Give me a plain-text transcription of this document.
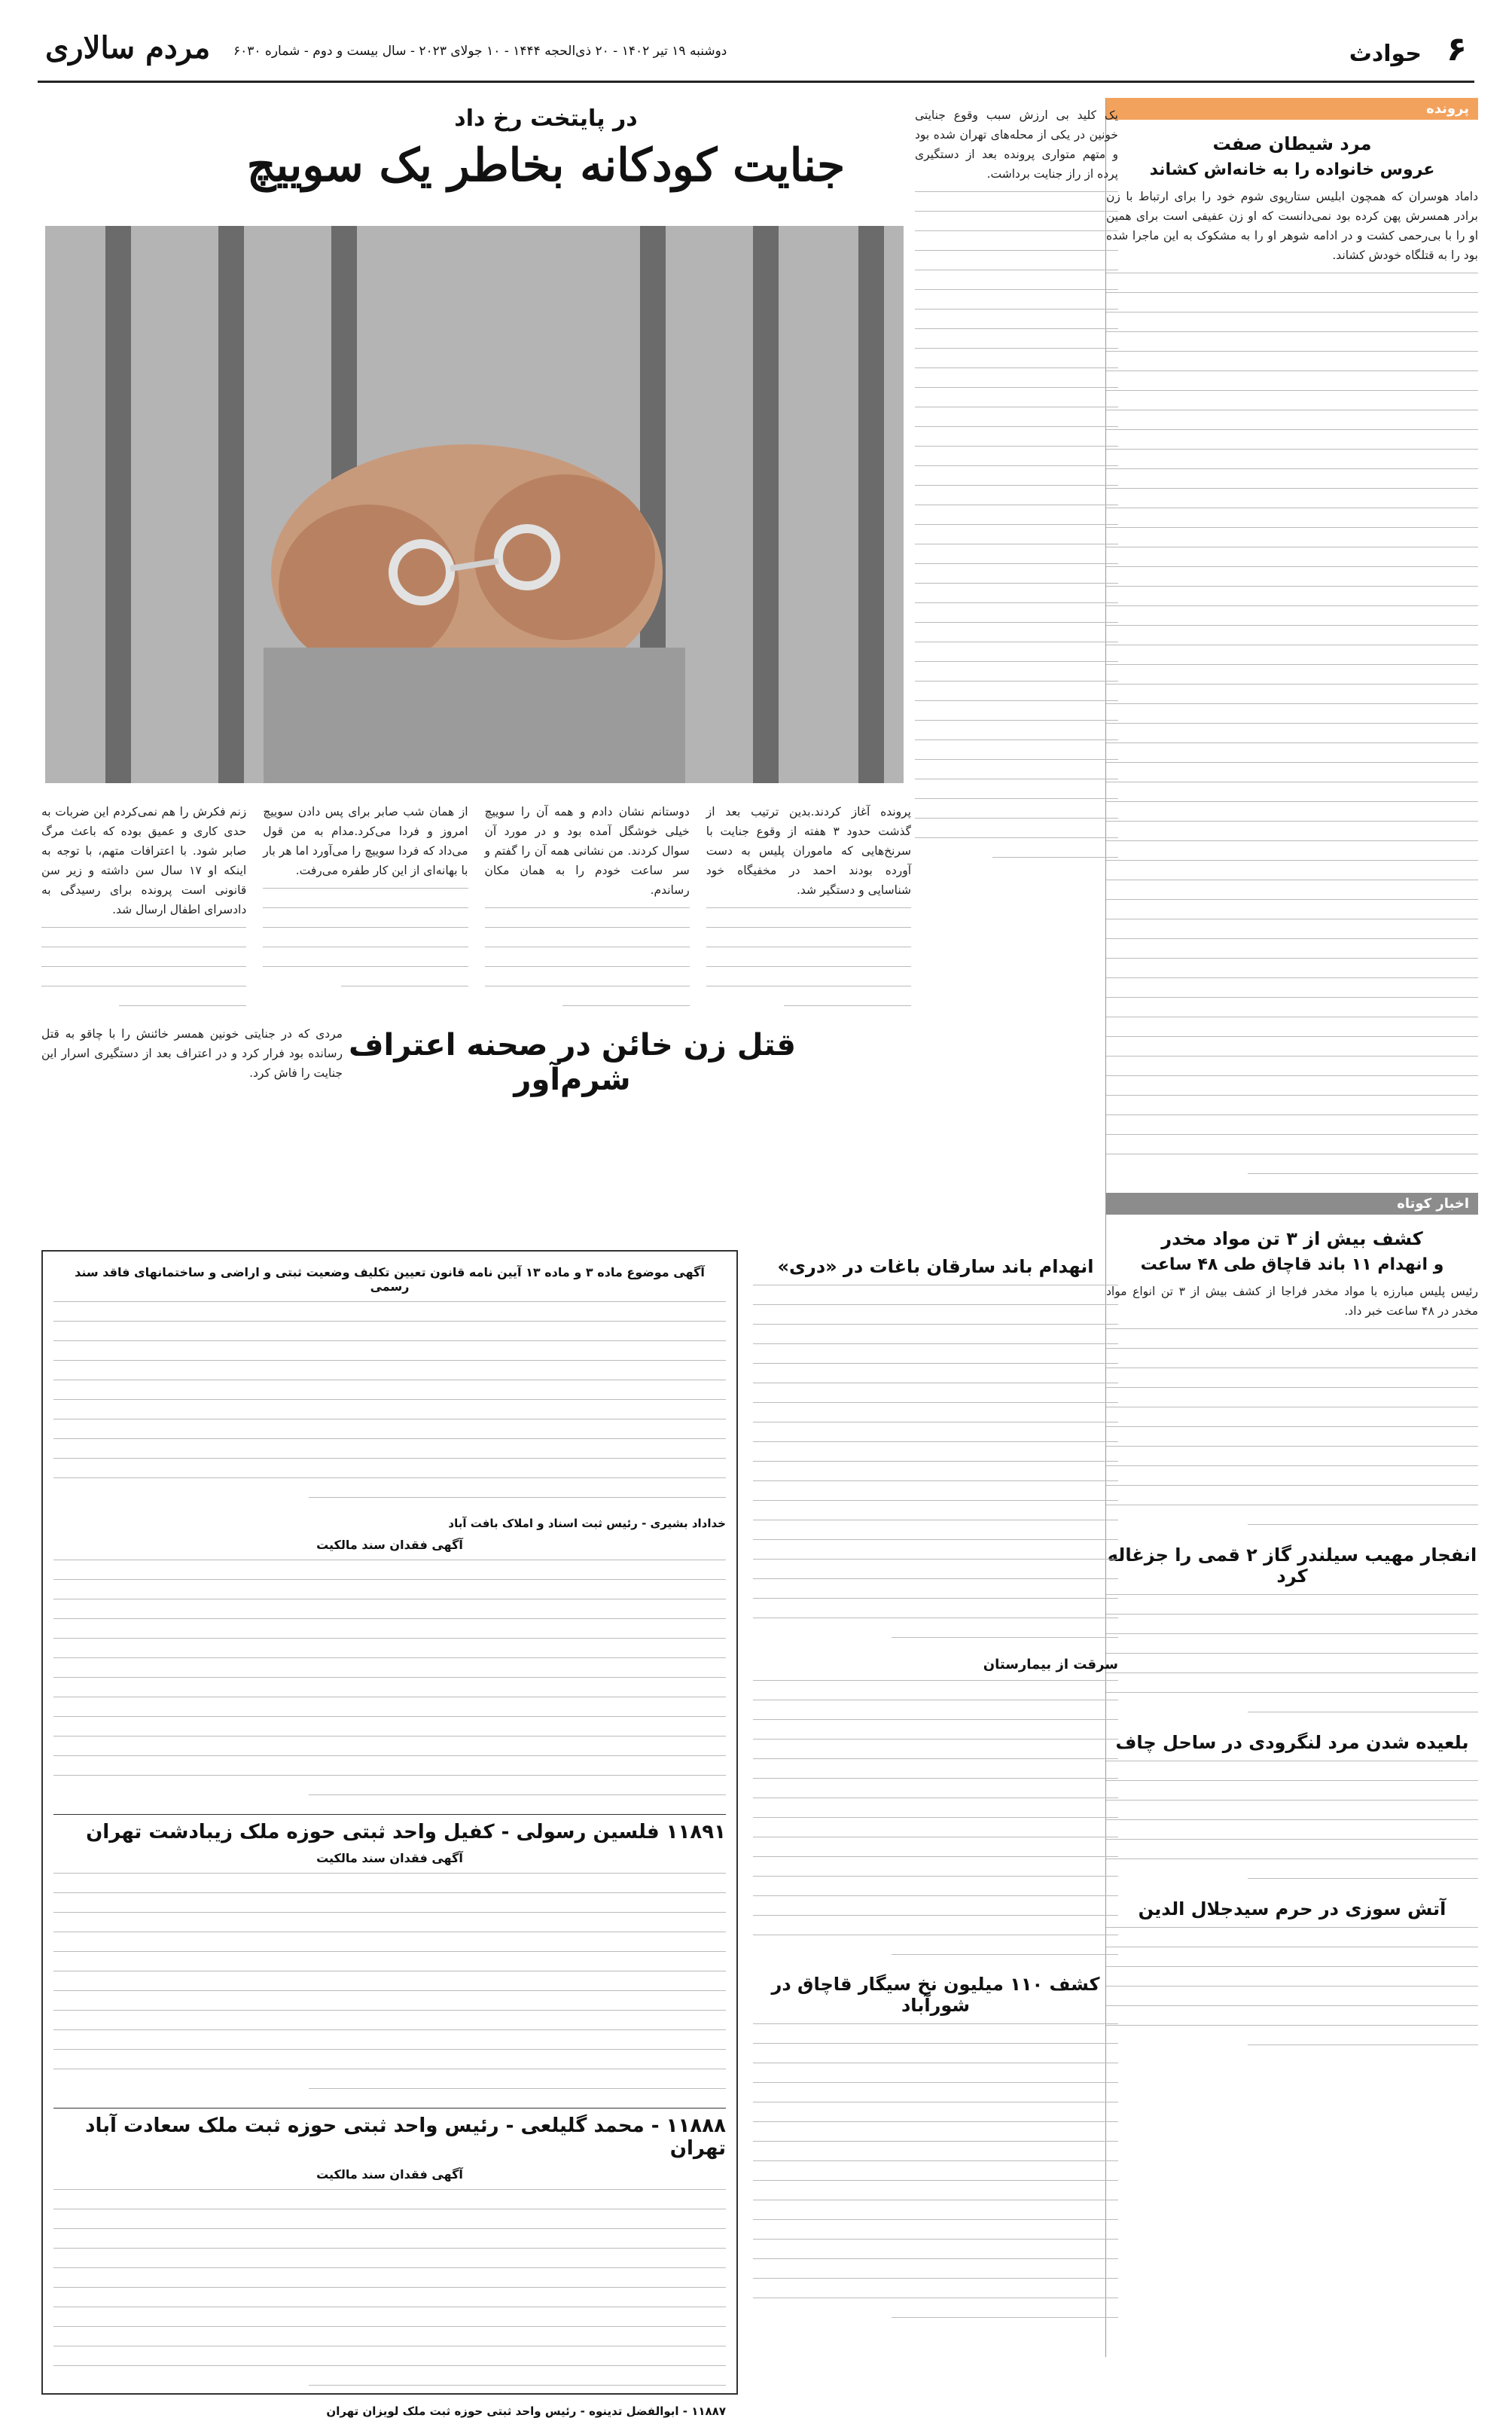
مردم سالاری دوشنبه ۱۹ تیر ۱۴۰۲ - ۲۰ ذی‌الحجه ۱۴۴۴ - ۱۰ جولای ۲۰۲۳ - سال بیست و دوم - شماره ۶۰۳۰	۶
حوادث
پرونده
مرد شیطان صفت
عروس خانواده را به خانه‌اش کشاند
داماد هوسران که همچون ابلیس ستارپوی شوم خود را برای ارتباط با زن برادر همسرش پهن کرده بود نمی‌دانست که او زن عفیفی است برای همین او را با بی‌رحمی کشت و در ادامه شوهر او را به مشکوک به این ماجرا شده بود را به قتلگاه خودش کشاند.
اخبار کوتاه
کشف بیش از ۳ تن مواد مخدر
و انهدام ۱۱ باند قاچاق طی ۴۸ ساعت
رئیس پلیس مبارزه با مواد مخدر فراجا از کشف بیش از ۳ تن انواع مواد مخدر در ۴۸ ساعت خبر داد.
انفجار مهیب سیلندر گاز ۲ قمی را جزغاله کرد
بلعیده شدن مرد لنگرودی در ساحل چاف
آتش سوزی در حرم سیدجلال الدین
در پایتخت رخ داد
جنایت کودکانه بخاطر یک سوییچ
یک کلید بی ارزش سبب وقوع جنایتی خونین در یکی از محله‌های تهران شده بود و متهم متواری پرونده بعد از دستگیری پرده از راز جنایت برداشت.
پرونده آغاز کردند.بدین ترتیب بعد از گذشت حدود ۳ هفته از وقوع جنایت با سرنخ‌هایی که ماموران پلیس به دست آورده بودند احمد در مخفیگاه خود شناسایی و دستگیر شد.
دوستانم نشان دادم و همه آن را سوییچ خیلی خوشگل آمده بود و در مورد آن سوال کردند. من نشانی همه آن را گفتم و سر ساعت خودم را به همان مکان رساندم.
از همان شب صابر برای پس دادن سوییچ امروز و فردا می‌کرد.مدام به من قول می‌داد که فردا سوییچ را می‌آورد اما هر بار با بهانه‌ای از این کار طفره می‌رفت.
زنم فکرش را هم نمی‌کردم این ضربات به حدی کاری و عمیق بوده که باعث مرگ صابر شود. با اعترافات متهم، با توجه به اینکه او ۱۷ سال سن داشته و زیر سن قانونی است پرونده برای رسیدگی به دادسرای اطفال ارسال شد.
مردی که در جنایتی خونین همسر خائنش را با چاقو به قتل رسانده بود فرار کرد و در اعتراف بعد از دستگیری اسرار این جنایت را فاش کرد.
قتل زن خائن در صحنه اعتراف شرم‌آور
آگهی موضوع ماده ۳ و ماده ۱۳ آیین نامه قانون تعیین تکلیف وضعیت ثبتی و اراضی و ساختمانهای فاقد سند رسمی
خداداد بشیری - رئیس ثبت اسناد و املاک بافت آباد
آگهی فقدان سند مالکیت
۱۱۸۹۱ فلسین رسولی - کفیل واحد ثبتی حوزه ملک زیبادشت تهران
آگهی فقدان سند مالکیت
۱۱۸۸۸ - محمد گلیلعی - رئیس واحد ثبتی حوزه ثبت ملک سعادت آباد تهران
آگهی فقدان سند مالکیت
۱۱۸۸۷ - ابوالفضل تدینوه - رئیس واحد ثبتی حوزه ثبت ملک لویزان تهران
انهدام باند سارقان باغات در «دری»
سرقت از بیمارستان
کشف ۱۱۰ میلیون نخ سیگار قاچاق در شورآباد
